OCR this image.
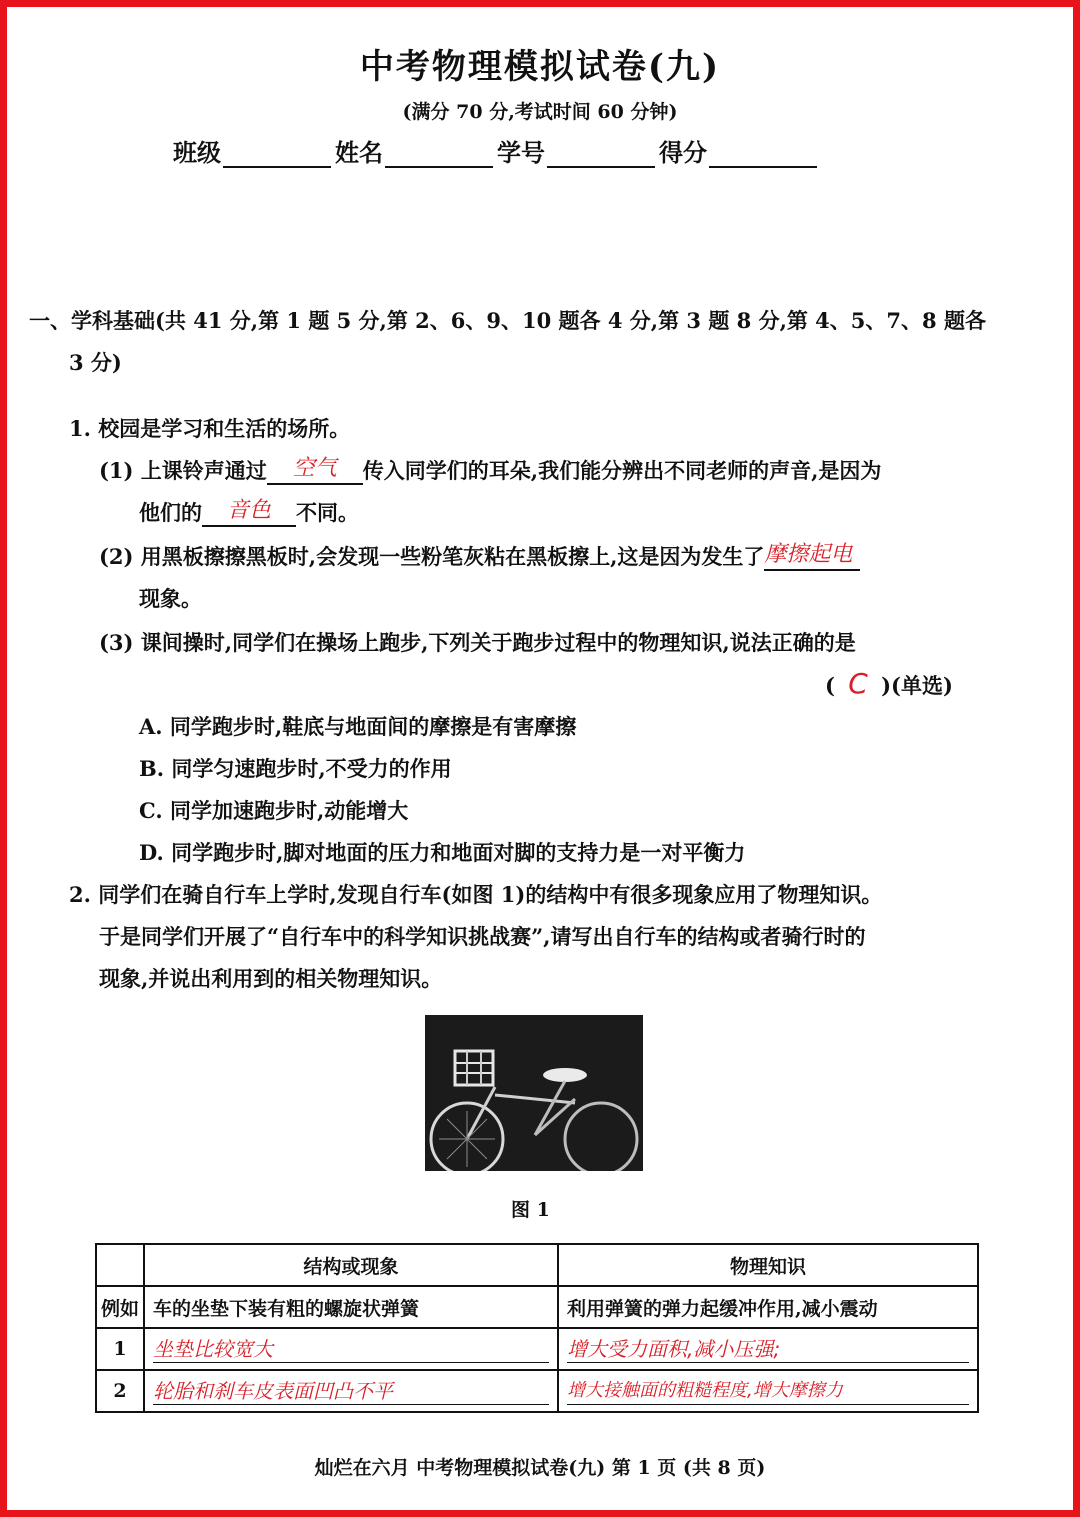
中考物理模拟试卷(九)
(满分 70 分,考试时间 60 分钟)
班级	姓名	学号	得分
一、学科基础(共 41 分,第 1 题 5 分,第 2、6、9、10 题各 4 分,第 3 题 8 分,第 4、5、7、8 题各
3 分)
1. 校园是学习和生活的场所。
(1) 上课铃声通过 空气 传入同学们的耳朵,我们能分辨出不同老师的声音,是因为
他们的 音色 不同。
(2) 用黑板擦擦黑板时,会发现一些粉笔灰粘在黑板擦上,这是因为发生了摩擦起电
现象。
(3) 课间操时,同学们在操场上跑步,下列关于跑步过程中的物理知识,说法正确的是
( C )(单选)
A. 同学跑步时,鞋底与地面间的摩擦是有害摩擦
B. 同学匀速跑步时,不受力的作用
C. 同学加速跑步时,动能增大
D. 同学跑步时,脚对地面的压力和地面对脚的支持力是一对平衡力
2. 同学们在骑自行车上学时,发现自行车(如图 1)的结构中有很多现象应用了物理知识。
于是同学们开展了“自行车中的科学知识挑战赛”,请写出自行车的结构或者骑行时的
现象,并说出利用到的相关物理知识。
图 1
	结构或现象	物理知识
例如	车的坐垫下装有粗的螺旋状弹簧	利用弹簧的弹力起缓冲作用,减小震动
1	坐垫比较宽大	增大受力面积,减小压强;

2	轮胎和刹车皮表面凹凸不平	增大接触面的粗糙程度,增大摩擦力
灿烂在六月 中考物理模拟试卷(九) 第 1 页 (共 8 页)
